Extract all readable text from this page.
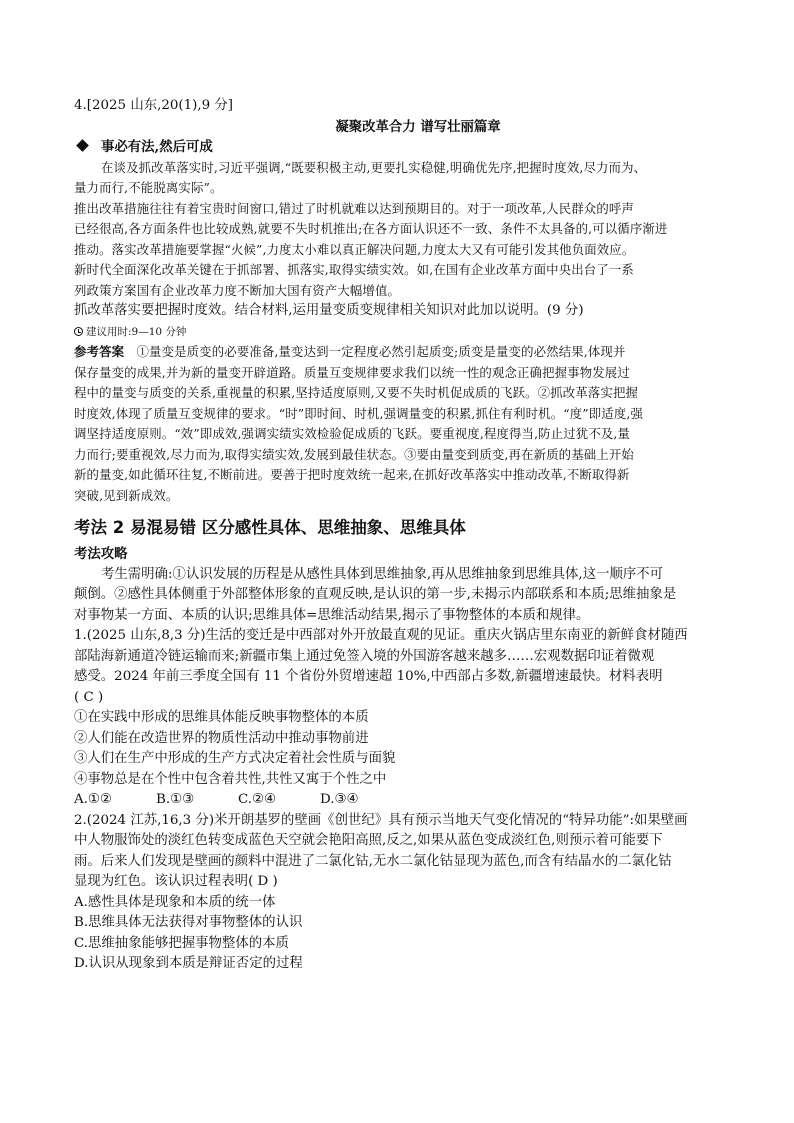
4.[2025 山东,20(1),9 分]
凝聚改革合力 谱写壮丽篇章
事必有法,然后可成
在谈及抓改革落实时,习近平强调,“既要积极主动,更要扎实稳健,明确优先序,把握时度效,尽力而为、
量力而行,不能脱离实际”。
推出改革措施往往有着宝贵时间窗口,错过了时机就难以达到预期目的。对于一项改革,人民群众的呼声
已经很高,各方面条件也比较成熟,就要不失时机推出;在各方面认识还不一致、条件不太具备的,可以循序渐进
推动。落实改革措施要掌握“火候”,力度太小难以真正解决问题,力度太大又有可能引发其他负面效应。
新时代全面深化改革关键在于抓部署、抓落实,取得实绩实效。如,在国有企业改革方面中央出台了一系
列政策方案国有企业改革力度不断加大国有资产大幅增值。
抓改革落实要把握时度效。结合材料,运用量变质变规律相关知识对此加以说明。(9 分)
建议用时:9—10 分钟
参考答案 ①量变是质变的必要准备,量变达到一定程度必然引起质变;质变是量变的必然结果,体现并
保存量变的成果,并为新的量变开辟道路。质量互变规律要求我们以统一性的观念正确把握事物发展过
程中的量变与质变的关系,重视量的积累,坚持适度原则,又要不失时机促成质的飞跃。②抓改革落实把握
时度效,体现了质量互变规律的要求。“时”即时间、时机,强调量变的积累,抓住有利时机。“度”即适度,强
调坚持适度原则。“效”即成效,强调实绩实效检验促成质的飞跃。要重视度,程度得当,防止过犹不及,量
力而行;要重视效,尽力而为,取得实绩实效,发展到最佳状态。③要由量变到质变,再在新质的基础上开始
新的量变,如此循环往复,不断前进。要善于把时度效统一起来,在抓好改革落实中推动改革,不断取得新
突破,见到新成效。
考法 2 易混易错 区分感性具体、思维抽象、思维具体
考法攻略
考生需明确:①认识发展的历程是从感性具体到思维抽象,再从思维抽象到思维具体,这一顺序不可
颠倒。②感性具体侧重于外部整体形象的直观反映,是认识的第一步,未揭示内部联系和本质;思维抽象是
对事物某一方面、本质的认识;思维具体=思维活动结果,揭示了事物整体的本质和规律。
1.(2025 山东,8,3 分)生活的变迁是中西部对外开放最直观的见证。重庆火锅店里东南亚的新鲜食材随西
部陆海新通道冷链运输而来;新疆市集上通过免签入境的外国游客越来越多……宏观数据印证着微观
感受。2024 年前三季度全国有 11 个省份外贸增速超 10%,中西部占多数,新疆增速最快。材料表明
( C )
①在实践中形成的思维具体能反映事物整体的本质
②人们能在改造世界的物质性活动中推动事物前进
③人们在生产中形成的生产方式决定着社会性质与面貌
④事物总是在个性中包含着共性,共性又寓于个性之中
A.①②	B.①③	C.②④	D.③④
2.(2024 江苏,16,3 分)米开朗基罗的壁画《创世纪》具有预示当地天气变化情况的“特异功能”:如果壁画
中人物服饰处的淡红色转变成蓝色天空就会艳阳高照,反之,如果从蓝色变成淡红色,则预示着可能要下
雨。后来人们发现是壁画的颜料中混进了二氯化钴,无水二氯化钴显现为蓝色,而含有结晶水的二氯化钴
显现为红色。该认识过程表明( D )
A.感性具体是现象和本质的统一体
B.思维具体无法获得对事物整体的认识
C.思维抽象能够把握事物整体的本质
D.认识从现象到本质是辩证否定的过程
